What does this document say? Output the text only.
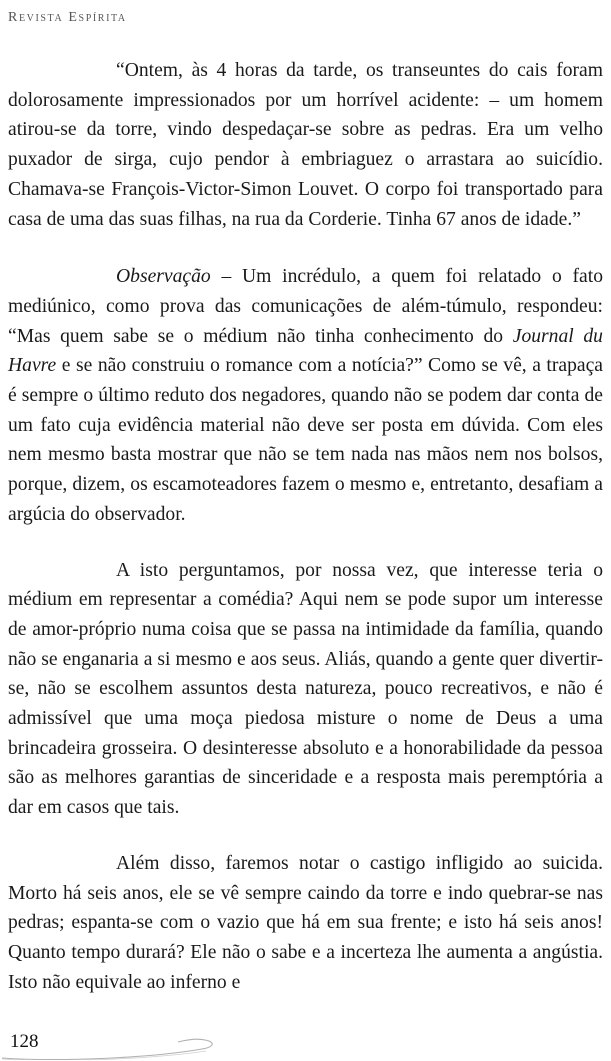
Revista Espírita

“Ontem, às 4 horas da tarde, os transeuntes do cais foram dolorosamente impressionados por um horrível acidente: – um homem atirou-se da torre, vindo despedaçar-se sobre as pedras. Era um velho puxador de sirga, cujo pendor à embriaguez o arrastara ao suicídio. Chamava-se François-Victor-Simon Louvet. O corpo foi transportado para casa de uma das suas filhas, na rua da Corderie. Tinha 67 anos de idade.”

Observação – Um incrédulo, a quem foi relatado o fato mediúnico, como prova das comunicações de além-túmulo, respondeu: “Mas quem sabe se o médium não tinha conhecimento do Journal du Havre e se não construiu o romance com a notícia?” Como se vê, a trapaça é sempre o último reduto dos negadores, quando não se podem dar conta de um fato cuja evidência material não deve ser posta em dúvida. Com eles nem mesmo basta mostrar que não se tem nada nas mãos nem nos bolsos, porque, dizem, os escamoteadores fazem o mesmo e, entretanto, desafiam a argúcia do observador.

A isto perguntamos, por nossa vez, que interesse teria o médium em representar a comédia? Aqui nem se pode supor um interesse de amor-próprio numa coisa que se passa na intimidade da família, quando não se enganaria a si mesmo e aos seus. Aliás, quando a gente quer divertir-se, não se escolhem assuntos desta natureza, pouco recreativos, e não é admissível que uma moça piedosa misture o nome de Deus a uma brincadeira grosseira. O desinteresse absoluto e a honorabilidade da pessoa são as melhores garantias de sinceridade e a resposta mais peremptória a dar em casos que tais.

Além disso, faremos notar o castigo infligido ao suicida. Morto há seis anos, ele se vê sempre caindo da torre e indo quebrar-se nas pedras; espanta-se com o vazio que há em sua frente; e isto há seis anos! Quanto tempo durará? Ele não o sabe e a incerteza lhe aumenta a angústia. Isto não equivale ao inferno e

128
